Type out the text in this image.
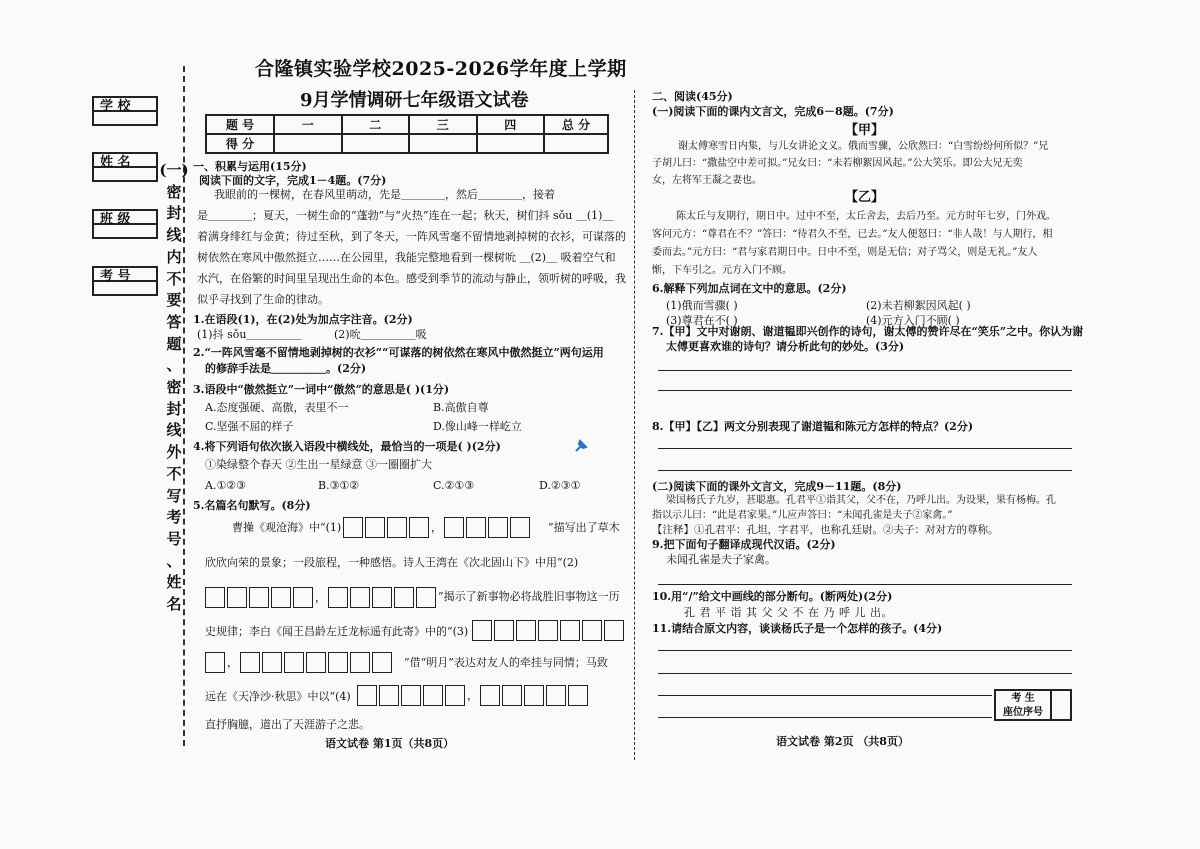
学 校
姓 名
班 级
考 号
(一)
密
封
线
内
不
要
答
题
、
密
封
线
外
不
写
考
号
、
姓
名
合隆镇实验学校2025-2026学年度上学期
9月学情调研七年级语文试卷
题 号	一	二	三	四	总 分
得 分					
一、积累与运用(15分)
阅读下面的文字，完成1－4题。(7分)
我眼前的一棵树，在春风里萌动，先是＿＿＿＿，然后＿＿＿＿，接着
是＿＿＿＿；夏天，一树生命的“蓬勃”与“火热”连在一起；秋天，树们抖 sǒu ＿(1)＿
着满身绯红与金黄；待过至秋，到了冬天，一阵风雪毫不留情地剥掉树的衣衫，可谋落的
树依然在寒风中傲然挺立……在公园里，我能完整地看到一棵树吮 ＿(2)＿ 吸着空气和
水汽，在俗繁的时间里呈现出生命的本色。感受到季节的流动与静止，领听树的呼吸，我
似乎寻找到了生命的律动。
1.在语段(1)，在(2)处为加点字注音。(2分)
(1)抖 sǒu＿＿＿＿＿	(2)吮＿＿＿＿＿吸
2.“一阵风雪毫不留情地剥掉树的衣衫”“可谋落的树依然在寒风中傲然挺立”两句运用
的修辞手法是＿＿＿＿＿。(2分)
3.语段中“傲然挺立”一词中“傲然”的意思是( )(1分)
A.态度强硬、高傲，表里不一	B.高傲自尊
C.坚强不屈的样子	D.像山峰一样屹立
4.将下列语句依次嵌入语段中横线处，最恰当的一项是( )(2分)
①染绿整个春天 ②生出一星绿意 ③一圈圈扩大
A.①②③	B.③①②	C.②①③	D.②③①
5.名篇名句默写。(8分)
曹操《观沧海》中“(1)	，	”描写出了草木
欣欣向荣的景象；一段旅程，一种感悟。诗人王湾在《次北固山下》中用“(2)
，	”揭示了新事物必将战胜旧事物这一历
史规律；李白《闻王昌龄左迁龙标遥有此寄》中的“(3)
，	”借“明月”表达对友人的牵挂与同情；马致
远在《天净沙·秋思》中以“(4)	，
直抒胸臆，道出了天涯游子之悲。
语文试卷 第1页（共8页）
二、阅读(45分)
(一)阅读下面的课内文言文，完成6－8题。(7分)
【甲】
谢太傅寒雪日内集，与儿女讲论文义。俄而雪骤，公欣然曰：“白雪纷纷何所似？”兄
子胡儿曰：“撒盐空中差可拟。”兄女曰：“未若柳絮因风起。”公大笑乐。即公大兄无奕
女，左将军王凝之妻也。
【乙】
陈太丘与友期行，期日中。过中不至，太丘舍去，去后乃至。元方时年七岁，门外戏。
客问元方：“尊君在不？”答曰：“待君久不至，已去。”友人便怒曰：“非人哉！与人期行，相
委而去。”元方曰：“君与家君期日中。日中不至，则是无信；对子骂父，则是无礼。”友人
惭，下车引之。元方入门不顾。
6.解释下列加点词在文中的意思。(2分)
(1)俄而雪骤( )	(2)未若柳絮因风起( )
(3)尊君在不( )	(4)元方入门不顾( )
7.【甲】文中对谢朗、谢道韫即兴创作的诗句，谢太傅的赞许尽在“笑乐”之中。你认为谢
太傅更喜欢谁的诗句？请分析此句的妙处。(3分)
8.【甲】【乙】两文分别表现了谢道韫和陈元方怎样的特点？(2分)
(二)阅读下面的课外文言文，完成9－11题。(8分)
梁国杨氏子九岁，甚聪惠。孔君平①诣其父，父不在，乃呼儿出。为设果，果有杨梅。孔
指以示儿曰：“此是君家果。”儿应声答曰：“未闻孔雀是夫子②家禽。”
【注释】①孔君平：孔坦，字君平，也称孔廷尉。②夫子：对对方的尊称。
9.把下面句子翻译成现代汉语。(2分)
未闻孔雀是夫子家禽。
10.用“/”给文中画线的部分断句。(断两处)(2分)
孔 君 平 诣 其 父 父 不 在 乃 呼 儿 出。
11.请结合原文内容，谈谈杨氏子是一个怎样的孩子。(4分)
考 生
座位序号
语文试卷 第2页 （共8页）
